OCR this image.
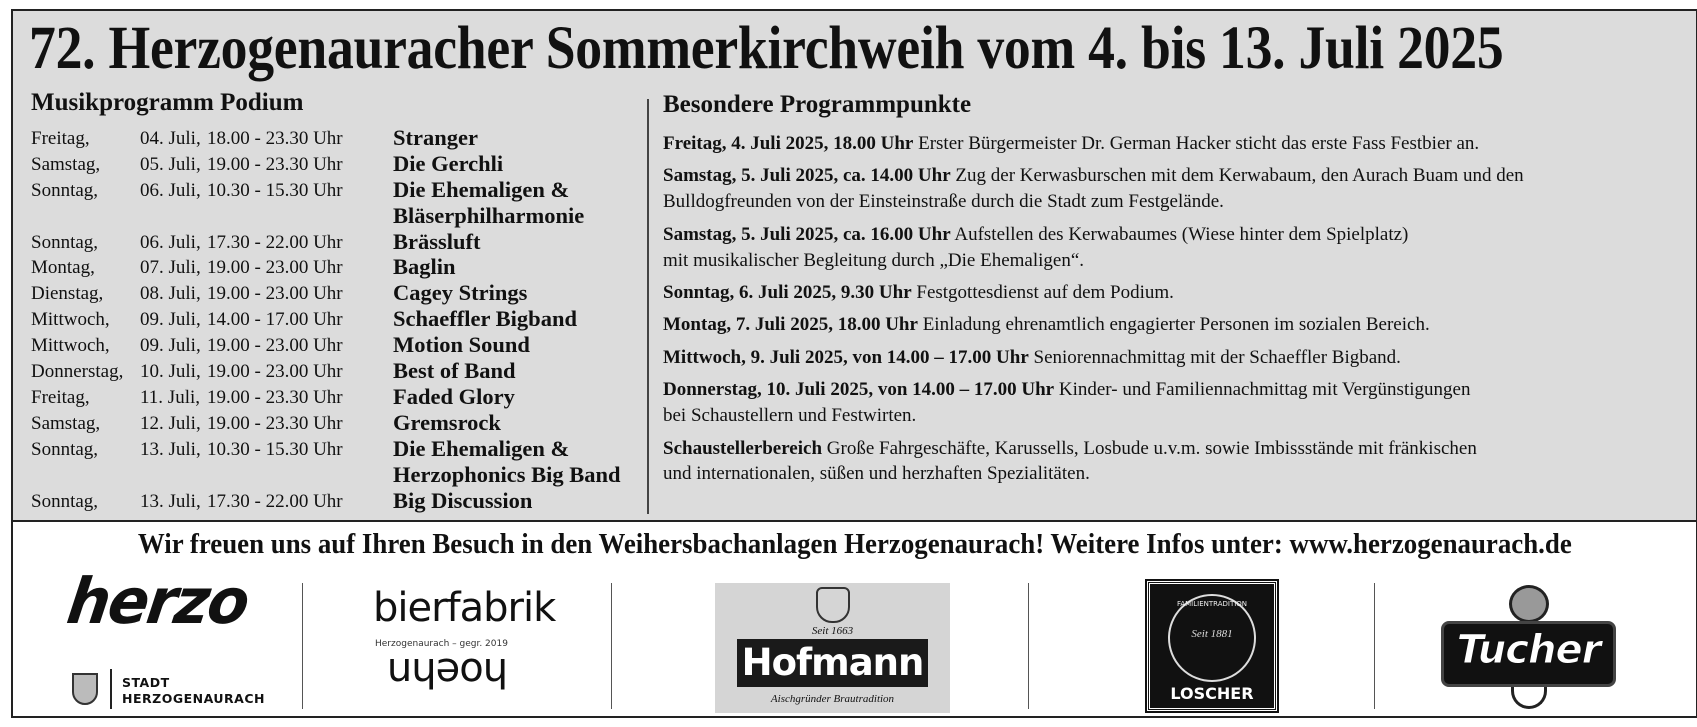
72. Herzogenauracher Sommerkirchweih vom 4. bis 13. Juli 2025
Musikprogramm Podium	Besondere Programmpunkte
Freitag,	04. Juli, 18.00 - 23.30 Uhr Stranger
Samstag, 05. Juli, 19.00 - 23.30 Uhr Die Gerchli
Sonntag, 06. Juli, 10.30 - 15.30 Uhr Die Ehemaligen &
Bläserphilharmonie
Sonntag, 06. Juli, 17.30 - 22.00 Uhr Brässluft
Montag, 07. Juli, 19.00 - 23.00 Uhr Baglin
Dienstag, 08. Juli, 19.00 - 23.00 Uhr Cagey Strings
Mittwoch, 09. Juli, 14.00 - 17.00 Uhr Schaeffler Bigband
Mittwoch, 09. Juli, 19.00 - 23.00 Uhr Motion Sound
Donnerstag, 10. Juli, 19.00 - 23.00 Uhr Best of Band
Freitag,	11. Juli, 19.00 - 23.30 Uhr Faded Glory
Samstag, 12. Juli, 19.00 - 23.30 Uhr Gremsrock
Sonntag, 13. Juli, 10.30 - 15.30 Uhr Die Ehemaligen &
Herzophonics Big Band
Sonntag, 13. Juli, 17.30 - 22.00 Uhr Big Discussion
Freitag, 4. Juli 2025, 18.00 Uhr Erster Bürgermeister Dr. German Hacker sticht das erste Fass Festbier an.
Samstag, 5. Juli 2025, ca. 14.00 Uhr Zug der Kerwasburschen mit dem Kerwabaum, den Aurach Buam und den
Bulldogfreunden von der Einsteinstraße durch die Stadt zum Festgelände.
Samstag, 5. Juli 2025, ca. 16.00 Uhr Aufstellen des Kerwabaumes (Wiese hinter dem Spielplatz)
mit musikalischer Begleitung durch „Die Ehemaligen“.
Sonntag, 6. Juli 2025, 9.30 Uhr Festgottesdienst auf dem Podium.
Montag, 7. Juli 2025, 18.00 Uhr Einladung ehrenamtlich engagierter Personen im sozialen Bereich.
Mittwoch, 9. Juli 2025, von 14.00 – 17.00 Uhr Seniorennachmittag mit der Schaeffler Bigband.
Donnerstag, 10. Juli 2025, von 14.00 – 17.00 Uhr Kinder- und Familiennachmittag mit Vergünstigungen
bei Schaustellern und Festwirten.
Schaustellerbereich Große Fahrgeschäfte, Karussells, Losbude u.v.m. sowie Imbissstände mit fränkischen
und internationalen, süßen und herzhaften Spezialitäten.
Wir freuen uns auf Ihren Besuch in den Weihersbachanlagen Herzogenaurach! Weitere Infos unter: www.herzogenaurach.de
herzo
STADT
HERZOGENAURACH
bierfabrik
Herzogenaurach – gegr. 2019
hoehn
Seit 1663
Hofmann
Aischgründer Brautradition
FAMILIENTRADITION
Seit 1881
LOSCHER
Tucher
